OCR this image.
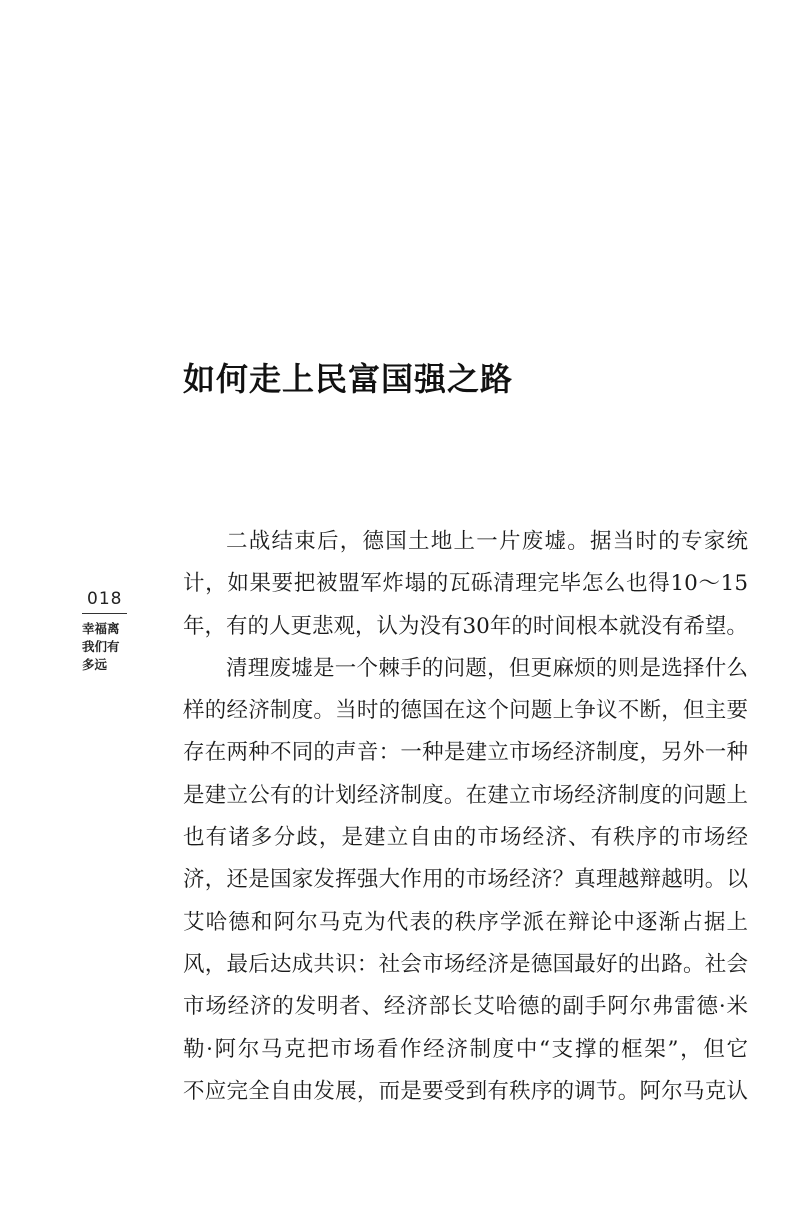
如何走上民富国强之路
018
幸福离
我们有
多远
二战结束后，德国土地上一片废墟。据当时的专家统
计，如果要把被盟军炸塌的瓦砾清理完毕怎么也得10～15
年，有的人更悲观，认为没有30年的时间根本就没有希望。
清理废墟是一个棘手的问题，但更麻烦的则是选择什么
样的经济制度。当时的德国在这个问题上争议不断，但主要
存在两种不同的声音：一种是建立市场经济制度，另外一种
是建立公有的计划经济制度。在建立市场经济制度的问题上
也有诸多分歧，是建立自由的市场经济、有秩序的市场经
济，还是国家发挥强大作用的市场经济？真理越辩越明。以
艾哈德和阿尔马克为代表的秩序学派在辩论中逐渐占据上
风，最后达成共识：社会市场经济是德国最好的出路。社会
市场经济的发明者、经济部长艾哈德的副手阿尔弗雷德·米
勒·阿尔马克把市场看作经济制度中“支撑的框架”，但它
不应完全自由发展，而是要受到有秩序的调节。阿尔马克认
